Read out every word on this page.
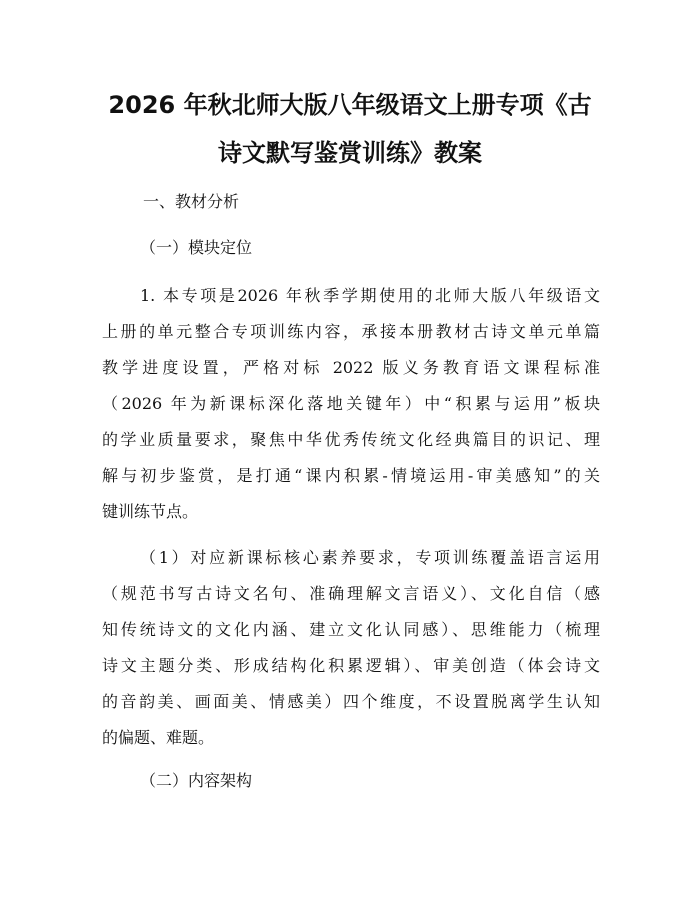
2026 年秋北师大版八年级语文上册专项《古
诗文默写鉴赏训练》教案
一、教材分析
（一）模块定位
1. 本专项是2026 年秋季学期使用的北师大版八年级语文
上册的单元整合专项训练内容，承接本册教材古诗文单元单篇
教学进度设置，严格对标 2022 版义务教育语文课程标准
（2026 年为新课标深化落地关键年）中“积累与运用”板块
的学业质量要求，聚焦中华优秀传统文化经典篇目的识记、理
解与初步鉴赏，是打通“课内积累-情境运用-审美感知”的关
键训练节点。
（1）对应新课标核心素养要求，专项训练覆盖语言运用
（规范书写古诗文名句、准确理解文言语义）、文化自信（感
知传统诗文的文化内涵、建立文化认同感）、思维能力（梳理
诗文主题分类、形成结构化积累逻辑）、审美创造（体会诗文
的音韵美、画面美、情感美）四个维度，不设置脱离学生认知
的偏题、难题。
（二）内容架构
